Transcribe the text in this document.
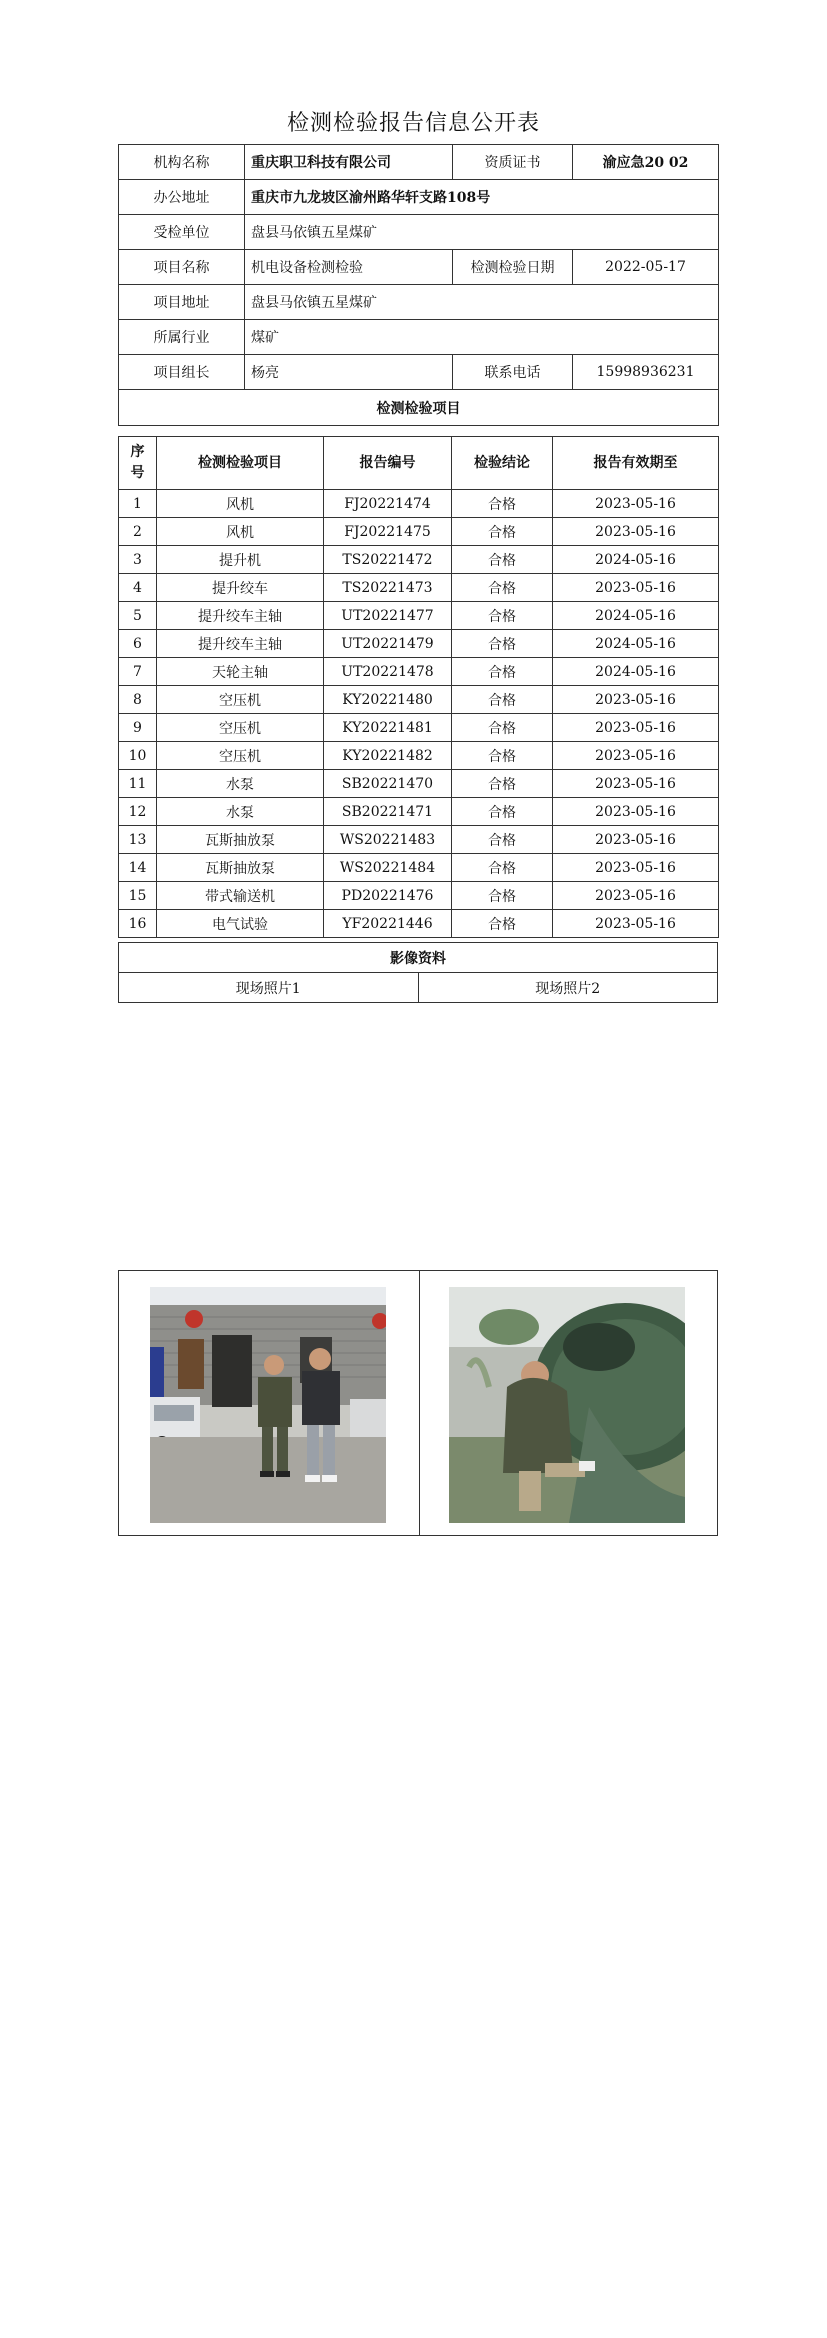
检测检验报告信息公开表
机构名称	重庆职卫科技有限公司	资质证书	渝应急20 02
办公地址	重庆市九龙坡区渝州路华轩支路108号		
受检单位	盘县马依镇五星煤矿		
项目名称	机电设备检测检验	检测检验日期	2022-05-17
项目地址	盘县马依镇五星煤矿		
所属行业	煤矿		
项目组长	杨亮	联系电话	15998936231
检测检验项目			
序号	检测检验项目	报告编号	检验结论	报告有效期至
1	风机	FJ20221474	合格	2023-05-16
2	风机	FJ20221475	合格	2023-05-16
3	提升机	TS20221472	合格	2024-05-16
4	提升绞车	TS20221473	合格	2023-05-16
5	提升绞车主轴	UT20221477	合格	2024-05-16
6	提升绞车主轴	UT20221479	合格	2024-05-16
7	天轮主轴	UT20221478	合格	2024-05-16
8	空压机	KY20221480	合格	2023-05-16
9	空压机	KY20221481	合格	2023-05-16
10	空压机	KY20221482	合格	2023-05-16
11	水泵	SB20221470	合格	2023-05-16
12	水泵	SB20221471	合格	2023-05-16
13	瓦斯抽放泵	WS20221483	合格	2023-05-16
14	瓦斯抽放泵	WS20221484	合格	2023-05-16
15	带式输送机	PD20221476	合格	2023-05-16
16	电气试验	YF20221446	合格	2023-05-16
影像资料
现场照片1	现场照片2
